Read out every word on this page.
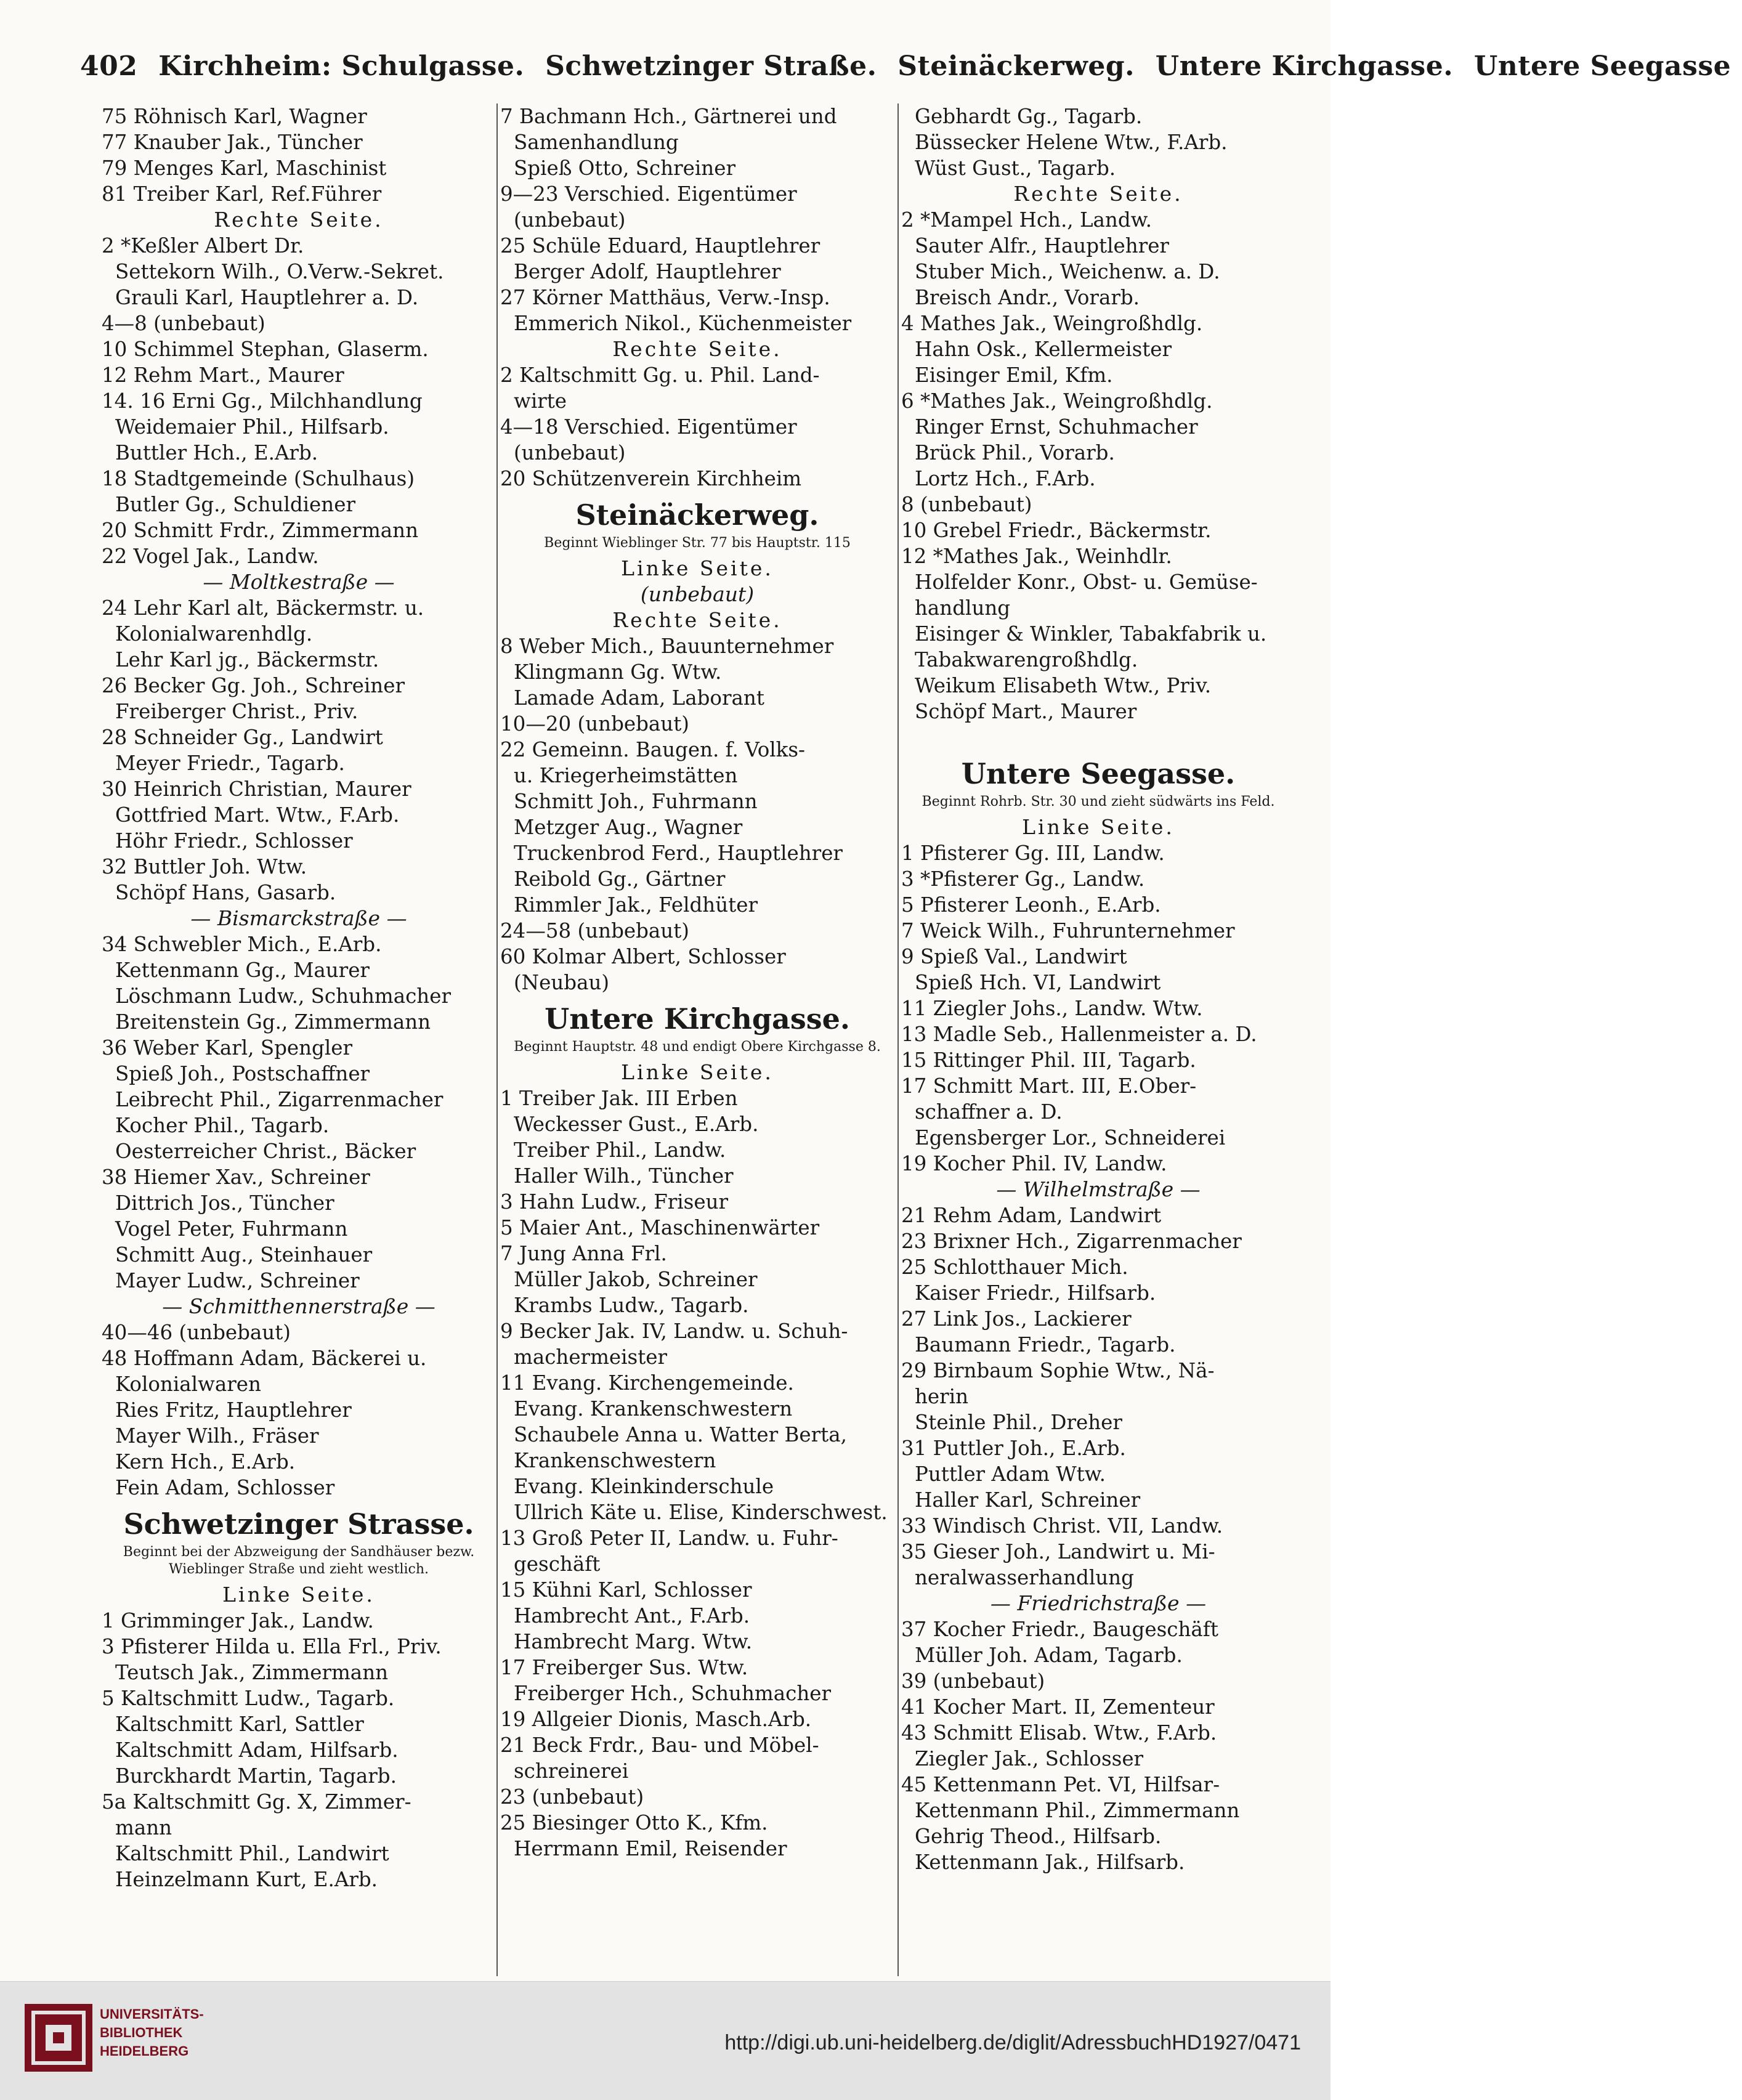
402 Kirchheim: Schulgasse. Schwetzinger Straße. Steinäckerweg. Untere Kirchgasse. Untere Seegasse
75 Röhnisch Karl, Wagner
77 Knauber Jak., Tüncher
79 Menges Karl, Maschinist
81 Treiber Karl, Ref.Führer
Rechte Seite.
2 *Keßler Albert Dr.
Settekorn Wilh., O.Verw.-Sekret.
Grauli Karl, Hauptlehrer a. D.
4—8 (unbebaut)
10 Schimmel Stephan, Glaserm.
12 Rehm Mart., Maurer
14. 16 Erni Gg., Milchhandlung
Weidemaier Phil., Hilfsarb.
Buttler Hch., E.Arb.
18 Stadtgemeinde (Schulhaus)
Butler Gg., Schuldiener
20 Schmitt Frdr., Zimmermann
22 Vogel Jak., Landw.
— Moltkestraße —
24 Lehr Karl alt, Bäckermstr. u.
Kolonialwarenhdlg.
Lehr Karl jg., Bäckermstr.
26 Becker Gg. Joh., Schreiner
Freiberger Christ., Priv.
28 Schneider Gg., Landwirt
Meyer Friedr., Tagarb.
30 Heinrich Christian, Maurer
Gottfried Mart. Wtw., F.Arb.
Höhr Friedr., Schlosser
32 Buttler Joh. Wtw.
Schöpf Hans, Gasarb.
— Bismarckstraße —
34 Schwebler Mich., E.Arb.
Kettenmann Gg., Maurer
Löschmann Ludw., Schuhmacher
Breitenstein Gg., Zimmermann
36 Weber Karl, Spengler
Spieß Joh., Postschaffner
Leibrecht Phil., Zigarrenmacher
Kocher Phil., Tagarb.
Oesterreicher Christ., Bäcker
38 Hiemer Xav., Schreiner
Dittrich Jos., Tüncher
Vogel Peter, Fuhrmann
Schmitt Aug., Steinhauer
Mayer Ludw., Schreiner
— Schmitthennerstraße —
40—46 (unbebaut)
48 Hoffmann Adam, Bäckerei u.
Kolonialwaren
Ries Fritz, Hauptlehrer
Mayer Wilh., Fräser
Kern Hch., E.Arb.
Fein Adam, Schlosser
Schwetzinger Strasse.
Beginnt bei der Abzweigung der Sandhäuser bezw. Wieblinger Straße und zieht westlich.
Linke Seite.
1 Grimminger Jak., Landw.
3 Pfisterer Hilda u. Ella Frl., Priv.
Teutsch Jak., Zimmermann
5 Kaltschmitt Ludw., Tagarb.
Kaltschmitt Karl, Sattler
Kaltschmitt Adam, Hilfsarb.
Burckhardt Martin, Tagarb.
5a Kaltschmitt Gg. X, Zimmer-
mann
Kaltschmitt Phil., Landwirt
Heinzelmann Kurt, E.Arb.
7 Bachmann Hch., Gärtnerei und
Samenhandlung
Spieß Otto, Schreiner
9—23 Verschied. Eigentümer
(unbebaut)
25 Schüle Eduard, Hauptlehrer
Berger Adolf, Hauptlehrer
27 Körner Matthäus, Verw.-Insp.
Emmerich Nikol., Küchenmeister
Rechte Seite.
2 Kaltschmitt Gg. u. Phil. Land-
wirte
4—18 Verschied. Eigentümer
(unbebaut)
20 Schützenverein Kirchheim
Steinäckerweg.
Beginnt Wieblinger Str. 77 bis Hauptstr. 115
Linke Seite.
(unbebaut)
Rechte Seite.
8 Weber Mich., Bauunternehmer
Klingmann Gg. Wtw.
Lamade Adam, Laborant
10—20 (unbebaut)
22 Gemeinn. Baugen. f. Volks-
u. Kriegerheimstätten
Schmitt Joh., Fuhrmann
Metzger Aug., Wagner
Truckenbrod Ferd., Hauptlehrer
Reibold Gg., Gärtner
Rimmler Jak., Feldhüter
24—58 (unbebaut)
60 Kolmar Albert, Schlosser
(Neubau)
Untere Kirchgasse.
Beginnt Hauptstr. 48 und endigt Obere Kirchgasse 8.
Linke Seite.
1 Treiber Jak. III Erben
Weckesser Gust., E.Arb.
Treiber Phil., Landw.
Haller Wilh., Tüncher
3 Hahn Ludw., Friseur
5 Maier Ant., Maschinenwärter
7 Jung Anna Frl.
Müller Jakob, Schreiner
Krambs Ludw., Tagarb.
9 Becker Jak. IV, Landw. u. Schuh-
machermeister
11 Evang. Kirchengemeinde.
Evang. Krankenschwestern
Schaubele Anna u. Watter Berta,
Krankenschwestern
Evang. Kleinkinderschule
Ullrich Käte u. Elise, Kinderschwest.
13 Groß Peter II, Landw. u. Fuhr-
geschäft
15 Kühni Karl, Schlosser
Hambrecht Ant., F.Arb.
Hambrecht Marg. Wtw.
17 Freiberger Sus. Wtw.
Freiberger Hch., Schuhmacher
19 Allgeier Dionis, Masch.Arb.
21 Beck Frdr., Bau- und Möbel-
schreinerei
23 (unbebaut)
25 Biesinger Otto K., Kfm.
Herrmann Emil, Reisender
Gebhardt Gg., Tagarb.
Büssecker Helene Wtw., F.Arb.
Wüst Gust., Tagarb.
Rechte Seite.
2 *Mampel Hch., Landw.
Sauter Alfr., Hauptlehrer
Stuber Mich., Weichenw. a. D.
Breisch Andr., Vorarb.
4 Mathes Jak., Weingroßhdlg.
Hahn Osk., Kellermeister
Eisinger Emil, Kfm.
6 *Mathes Jak., Weingroßhdlg.
Ringer Ernst, Schuhmacher
Brück Phil., Vorarb.
Lortz Hch., F.Arb.
8 (unbebaut)
10 Grebel Friedr., Bäckermstr.
12 *Mathes Jak., Weinhdlr.
Holfelder Konr., Obst- u. Gemüse-
handlung
Eisinger & Winkler, Tabakfabrik u.
Tabakwarengroßhdlg.
Weikum Elisabeth Wtw., Priv.
Schöpf Mart., Maurer
Untere Seegasse.
Beginnt Rohrb. Str. 30 und zieht südwärts ins Feld.
Linke Seite.
1 Pfisterer Gg. III, Landw.
3 *Pfisterer Gg., Landw.
5 Pfisterer Leonh., E.Arb.
7 Weick Wilh., Fuhrunternehmer
9 Spieß Val., Landwirt
Spieß Hch. VI, Landwirt
11 Ziegler Johs., Landw. Wtw.
13 Madle Seb., Hallenmeister a. D.
15 Rittinger Phil. III, Tagarb.
17 Schmitt Mart. III, E.Ober-
schaffner a. D.
Egensberger Lor., Schneiderei
19 Kocher Phil. IV, Landw.
— Wilhelmstraße —
21 Rehm Adam, Landwirt
23 Brixner Hch., Zigarrenmacher
25 Schlotthauer Mich.
Kaiser Friedr., Hilfsarb.
27 Link Jos., Lackierer
Baumann Friedr., Tagarb.
29 Birnbaum Sophie Wtw., Nä-
herin
Steinle Phil., Dreher
31 Puttler Joh., E.Arb.
Puttler Adam Wtw.
Haller Karl, Schreiner
33 Windisch Christ. VII, Landw.
35 Gieser Joh., Landwirt u. Mi-
neralwasserhandlung
— Friedrichstraße —
37 Kocher Friedr., Baugeschäft
Müller Joh. Adam, Tagarb.
39 (unbebaut)
41 Kocher Mart. II, Zementeur
43 Schmitt Elisab. Wtw., F.Arb.
Ziegler Jak., Schlosser
45 Kettenmann Pet. VI, Hilfsar-
Kettenmann Phil., Zimmermann
Gehrig Theod., Hilfsarb.
Kettenmann Jak., Hilfsarb.
UNIVERSITÄTS-
BIBLIOTHEK
HEIDELBERG	http://digi.ub.uni-heidelberg.de/diglit/AdressbuchHD1927/0471
